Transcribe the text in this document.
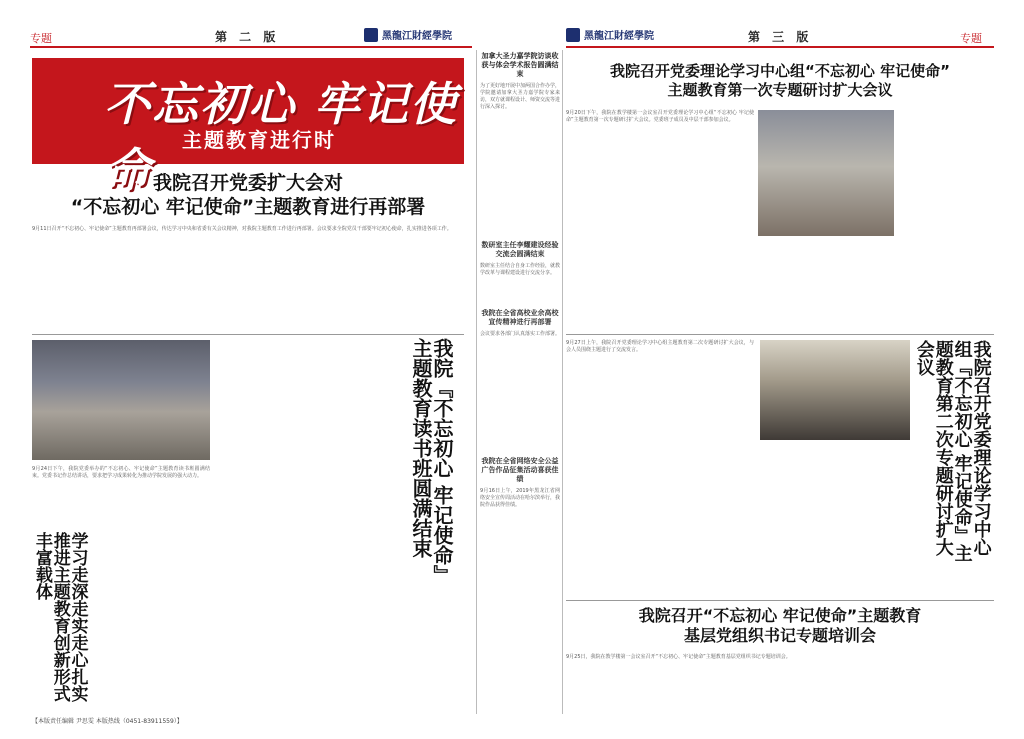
专题	第 二 版	黑龍江財經學院
不忘初心 牢记使命
主题教育进行时
我院召开党委扩大会对
“不忘初心 牢记使命”主题教育进行再部署
9月11日召开“不忘初心、牢记使命”主题教育再部署会议，传达学习中央和省委有关会议精神，对我院主题教育工作进行再部署。会议要求全院党员干部要牢记初心使命，扎实推进各项工作。
9月24日下午，我院党委举办的“不忘初心、牢记使命”主题教育读书班圆满结束。党委书记作总结讲话，要求把学习成果转化为推动学院发展的强大动力。	我院『不忘初心 牢记使命』主题教育读书班圆满结束
学习走深走实走心扎实推进主题教育创新形式 丰富载体
【本版责任编辑 尹思雯 本版热线（0451-83911559）】
加拿大圣力嘉学院访谈收获与体会学术报告圆满结束
为了更好地开展中加两国合作办学，学院邀请加拿大圣力嘉学院专家来访，双方就课程设计、师资交流等进行深入探讨。
数研室主任李耀建设经验交流会圆满结束
数研室主任结合自身工作经验，就教学改革与课程建设进行交流分享。
我院在全省高校业余高校宣传精神进行再部署
会议要求各部门认真落实工作部署。
我院在全省网络安全公益广告作品征集活动喜获佳绩
9月16日上午，2019年黑龙江省网络安全宣传周活动在哈尔滨举行，我院作品获得佳绩。
黑龍江財經學院	第 三 版	专题
我院召开党委理论学习中心组“不忘初心 牢记使命”
主题教育第一次专题研讨扩大会议
9月20日下午，我院在教学楼第一会议室召开党委理论学习中心组“不忘初心 牢记使命”主题教育第一次专题研讨扩大会议。党委班子成员及中层干部参加会议。
9月27日上午，我院召开党委理论学习中心组主题教育第二次专题研讨扩大会议，与会人员围绕主题进行了交流发言。	我院召开党委理论学习中心组『不忘初心 牢记使命』主题教育第二次专题研讨扩大会议
我院召开“不忘初心 牢记使命”主题教育
基层党组织书记专题培训会
9月25日，我院在教学楼第一会议室召开“不忘初心、牢记使命”主题教育基层党组织书记专题培训会。
